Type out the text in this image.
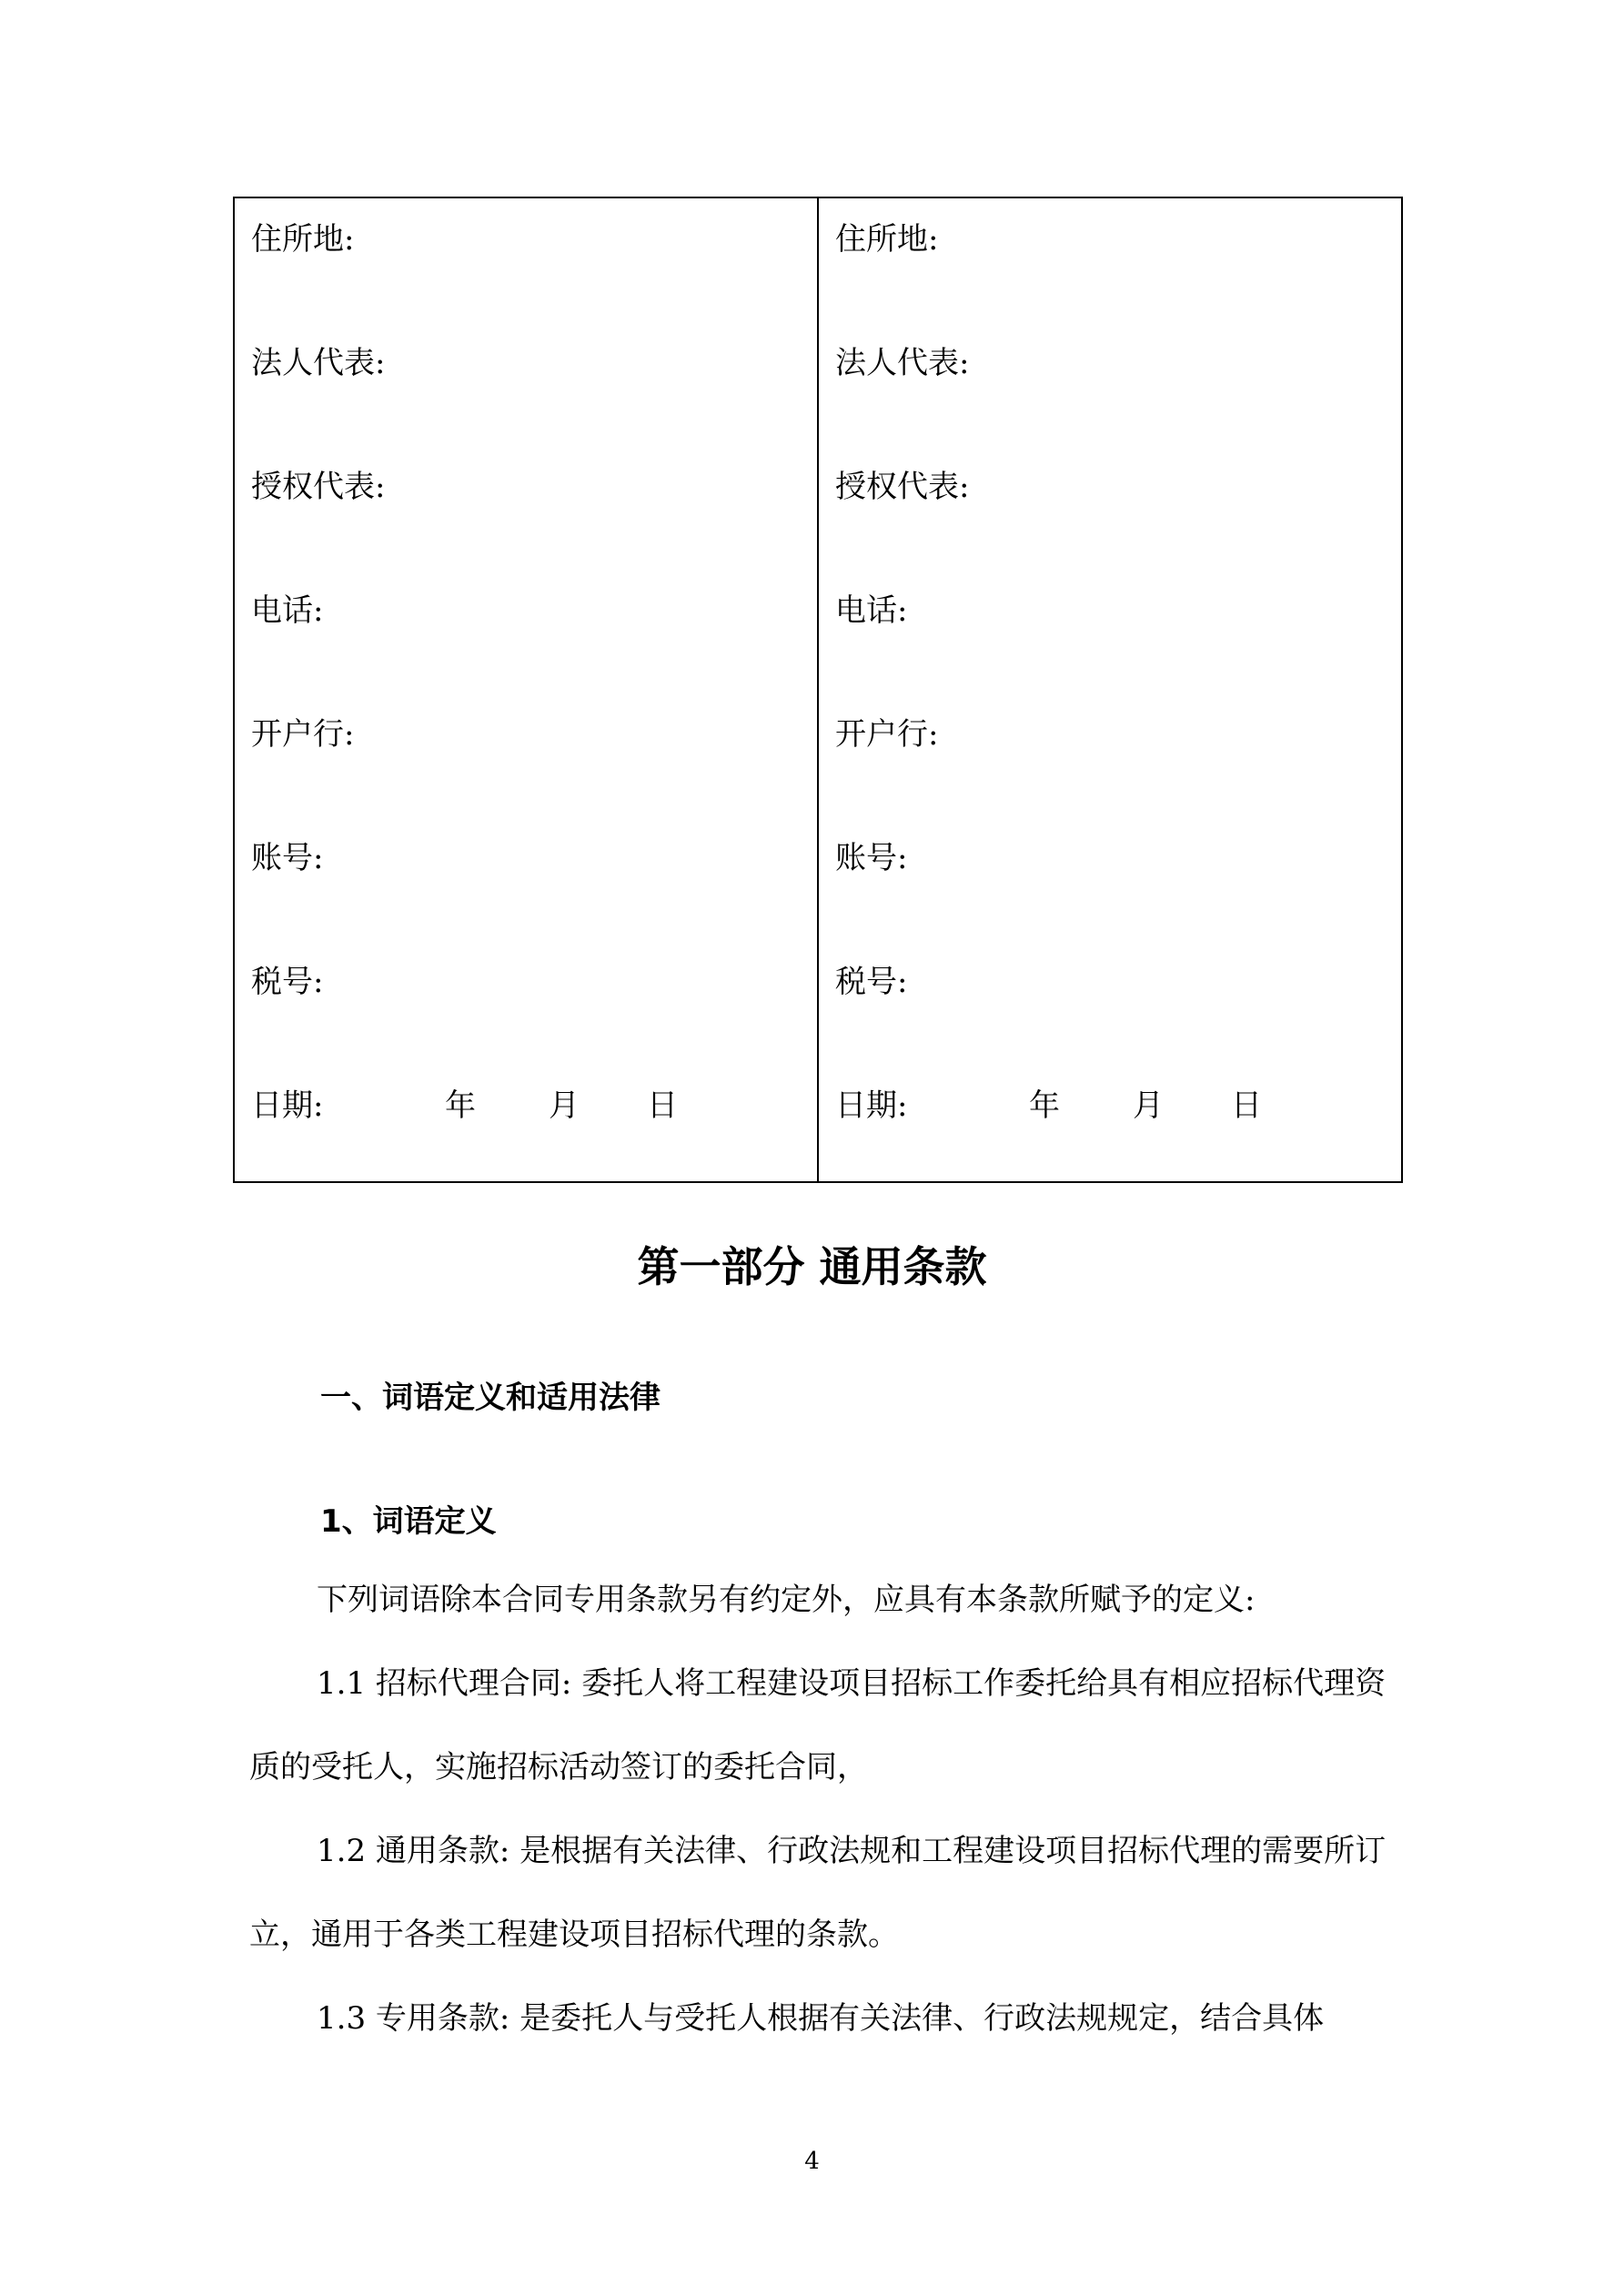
住所地:
法人代表:
授权代表:
电话:
开户行:
账号:
税号:
日期:	年 月 日

住所地:
法人代表:
授权代表:
电话:
开户行:
账号:
税号:
日期:	年 月 日
第一部分 通用条款
一、词语定义和适用法律
1、词语定义
下列词语除本合同专用条款另有约定外，应具有本条款所赋予的定义:
1.1 招标代理合同: 委托人将工程建设项目招标工作委托给具有相应招标代理资质的受托人，实施招标活动签订的委托合同，
1.2 通用条款: 是根据有关法律、行政法规和工程建设项目招标代理的需要所订立，通用于各类工程建设项目招标代理的条款。
1.3 专用条款: 是委托人与受托人根据有关法律、行政法规规定，结合具体
4
